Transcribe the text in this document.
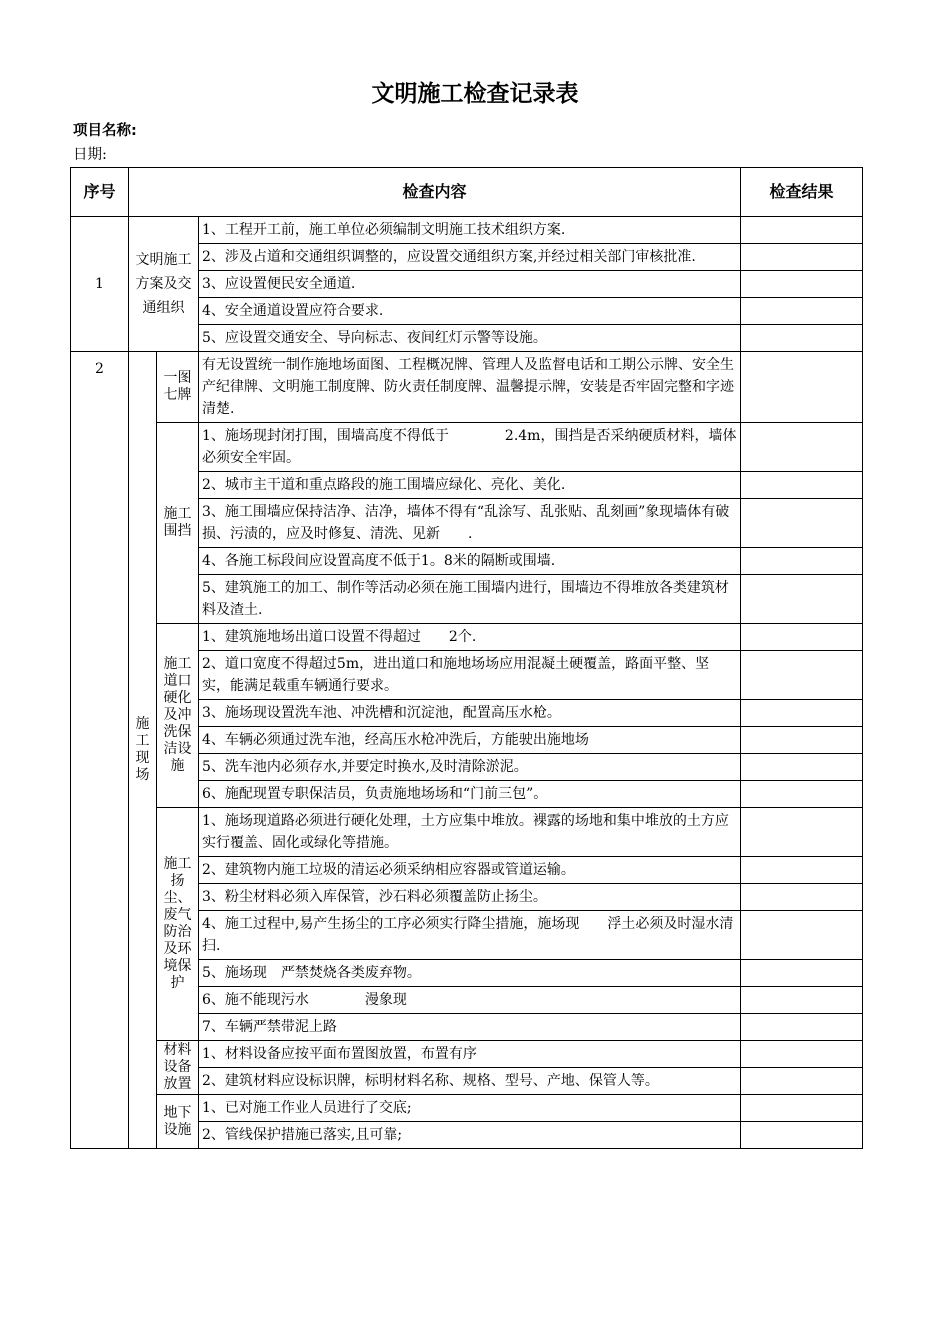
文明施工检查记录表
项目名称:
日期:
序号	检查内容			检查结果
1	文明施工方案及交通组织		1、工程开工前，施工单位必须编制文明施工技术组织方案.	
			2、涉及占道和交通组织调整的，应设置交通组织方案,并经过相关部门审核批准.	
			3、应设置便民安全通道.	
			4、安全通道设置应符合要求.	
			5、应设置交通安全、导向标志、夜间红灯示警等设施。	
2	施工现场	一图七牌	有无设置统一制作施地场面图、工程概况牌、管理人及监督电话和工期公示牌、安全生产纪律牌、文明施工制度牌、防火责任制度牌、温馨提示牌，安装是否牢固完整和字迹清楚.	
		施工围挡	1、施场现封闭打围，围墙高度不得低于　　　　2.4m，围挡是否采纳硬质材料，墙体必须安全牢固。	
			2、城市主干道和重点路段的施工围墙应绿化、亮化、美化.	
			3、施工围墙应保持洁净、洁净，墙体不得有“乱涂写、乱张贴、乱刻画”象现墙体有破损、污渍的，应及时修复、清洗、见新　　.	
			4、各施工标段间应设置高度不低于1。8米的隔断或围墙.	
			5、建筑施工的加工、制作等活动必须在施工围墙内进行，围墙边不得堆放各类建筑材料及渣土.	
		施工道口硬化及冲洗保洁设施	1、建筑施地场出道口设置不得超过　　2个.	
			2、道口宽度不得超过5m，进出道口和施地场场应用混凝土硬覆盖，路面平整、坚实，能满足载重车辆通行要求。	
			3、施场现设置洗车池、冲洗槽和沉淀池，配置高压水枪。	
			4、车辆必须通过洗车池，经高压水枪冲洗后，方能驶出施地场	
			5、洗车池内必须存水,并要定时换水,及时清除淤泥。	
			6、施配现置专职保洁员，负责施地场场和“门前三包”。	
		施工扬尘、废气防治及环境保护	1、施场现道路必须进行硬化处理，土方应集中堆放。裸露的场地和集中堆放的土方应实行覆盖、固化或绿化等措施。	
			2、建筑物内施工垃圾的清运必须采纳相应容器或管道运输。	
			3、粉尘材料必须入库保管，沙石料必须覆盖防止扬尘。	
			4、施工过程中,易产生扬尘的工序必须实行降尘措施，施场现　　浮土必须及时湿水清扫.	
			5、施场现　严禁焚烧各类废弃物。	
			6、施不能现污水　　　　漫象现	
			7、车辆严禁带泥上路	
		材料设备放置	1、材料设备应按平面布置图放置，布置有序	
			2、建筑材料应设标识牌，标明材料名称、规格、型号、产地、保管人等。	
		地下设施	1、已对施工作业人员进行了交底;	
			2、管线保护措施已落实,且可靠;	
